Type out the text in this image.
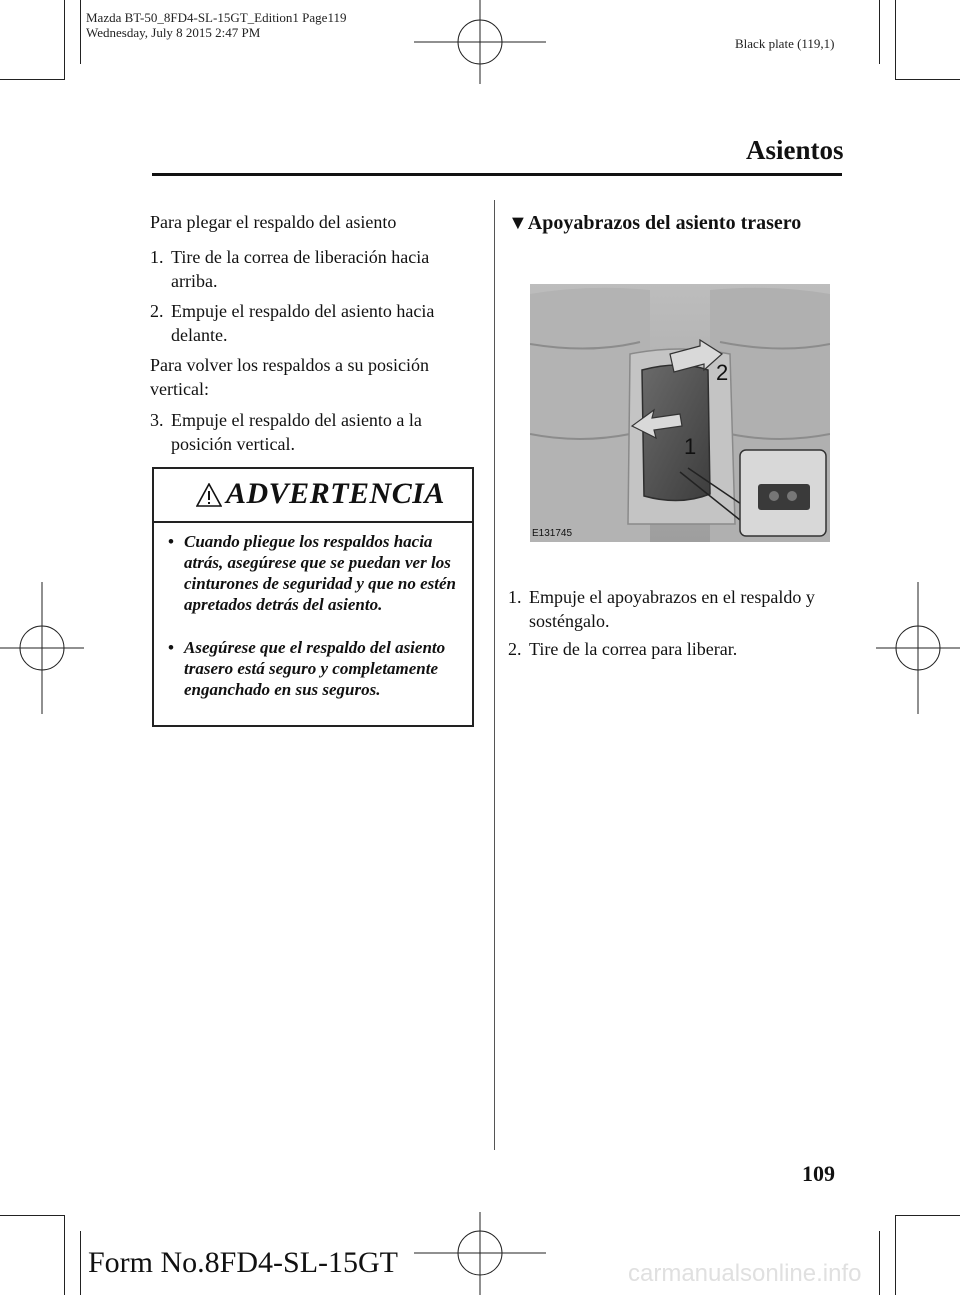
Mazda BT-50_8FD4-SL-15GT_Edition1 Page119
Wednesday, July 8 2015 2:47 PM
Black plate (119,1)
Asientos
Para plegar el respaldo del asiento
1. Tire de la correa de liberación hacia
arriba.
2. Empuje el respaldo del asiento hacia
delante.
Para volver los respaldos a su posición
vertical:
3. Empuje el respaldo del asiento a la
posición vertical.
ADVERTENCIA
• Cuando pliegue los respaldos hacia atrás, asegúrese que se puedan ver los cinturones de seguridad y que no estén apretados detrás del asiento.
• Asegúrese que el respaldo del asiento trasero está seguro y completamente enganchado en sus seguros.
▼Apoyabrazos del asiento trasero
2
1
E131745
1. Empuje el apoyabrazos en el respaldo y
sosténgalo.
2. Tire de la correa para liberar.
109
Form No.8FD4-SL-15GT	carmanualsonline.info
